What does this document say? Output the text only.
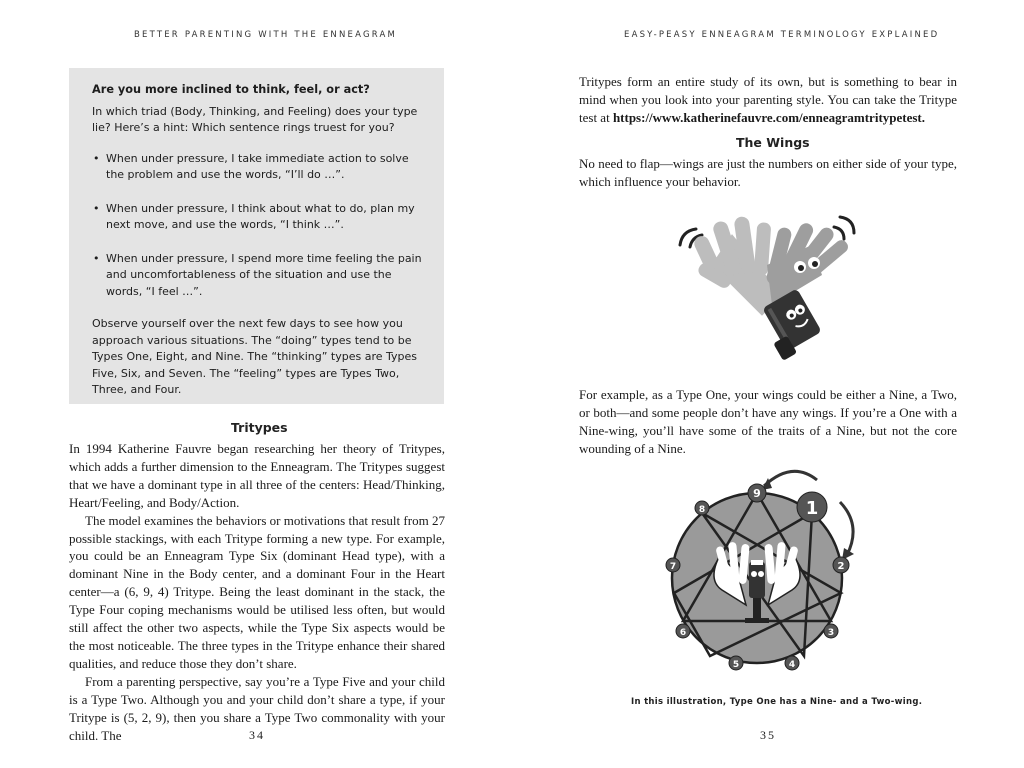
BETTER PARENTING WITH THE ENNEAGRAM
Are you more inclined to think, feel, or act?

In which triad (Body, Thinking, and Feeling) does your type lie? Here’s a hint: Which sentence rings truest for you?

• When under pressure, I take immediate action to solve the problem and use the words, “I’ll do …”.
• When under pressure, I think about what to do, plan my next move, and use the words, “I think …”.
• When under pressure, I spend more time feeling the pain and uncomfortableness of the situation and use the words, “I feel …”.

Observe yourself over the next few days to see how you approach various situations. The “doing” types tend to be Types One, Eight, and Nine. The “thinking” types are Types Five, Six, and Seven. The “feeling” types are Types Two, Three, and Four.

Tritypes

In 1994 Katherine Fauvre began researching her theory of Tritypes, which adds a further dimension to the Enneagram. The Tritypes suggest that we have a dominant type in all three of the centers: Head/Thinking, Heart/Feeling, and Body/Action.

The model examines the behaviors or motivations that result from 27 possible stackings, with each Tritype forming a new type. For example, you could be an Enneagram Type Six (dominant Head type), with a dominant Nine in the Body center, and a dominant Four in the Heart center—a (6, 9, 4) Tritype. Being the least dominant in the stack, the Type Four coping mechanisms would be utilised less often, but would still affect the other two aspects, while the Type Six aspects would be the most noticeable. The three types in the Tritype enhance their shared qualities, and reduce those they don’t share.

From a parenting perspective, say you’re a Type Five and your child is a Type Two. Although you and your child don’t share a type, if your Tritype is (5, 2, 9), then you share a Type Two commonality with your child. The	34
EASY-PEASY ENNEAGRAM TERMINOLOGY EXPLAINED

Tritypes form an entire study of its own, but is something to bear in mind when you look into your parenting style. You can take the Tritype test at https://www.katherinefauvre.com/enneagramtritypetest.

The Wings

No need to flap—wings are just the numbers on either side of your type, which influence your behavior.

For example, as a Type One, your wings could be either a Nine, a Two, or both—and some people don’t have any wings. If you’re a One with a Nine-wing, you’ll have some of the traits of a Nine, but not the core wounding of a Nine.

9
1
2
3
4
5
6
7
8
In this illustration, Type One has a Nine- and a Two-wing.
35
